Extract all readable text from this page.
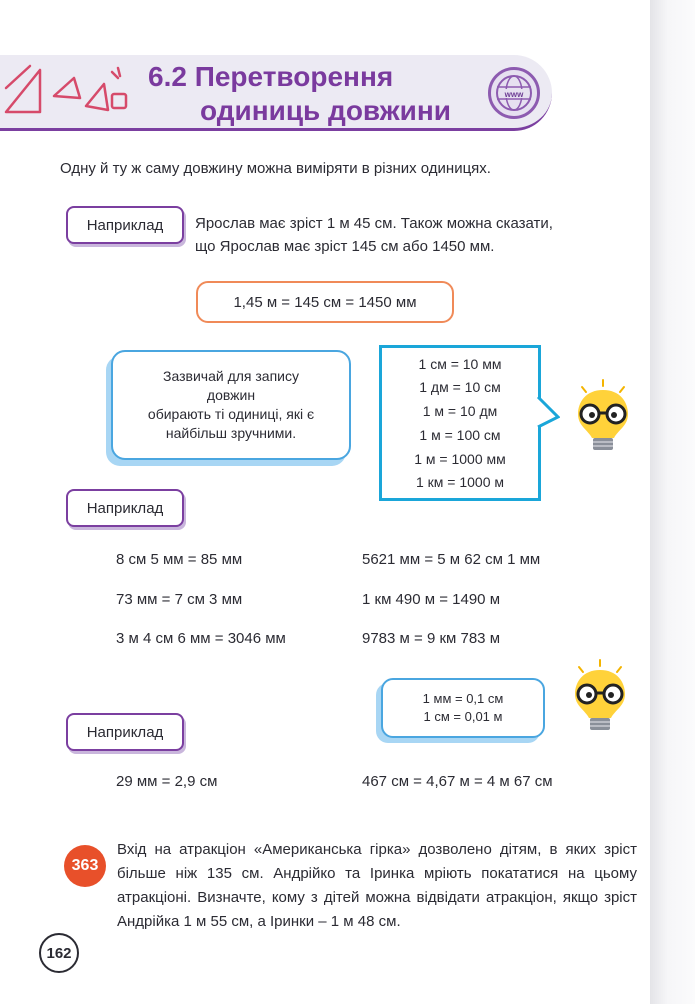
6.2 Перетворення
одиниць довжини
www
Одну й ту ж саму довжину можна виміряти в різних одиницях.
Наприклад	Ярослав має зріст 1 м 45 см. Також можна сказати,
що Ярослав має зріст 145 см або 1450 мм.
1,45 м = 145 см = 1450 мм
Зазвичай для запису
довжин
обирають ті одиниці, які є
найбільш зручними.
1 см = 10 мм
1 дм = 10 см
1 м = 10 дм
1 м = 100 см
1 м = 1000 мм
1 км = 1000 м
Наприклад
8 см 5 мм = 85 мм
73 мм = 7 см 3 мм
3 м 4 см 6 мм = 3046 мм
5621 мм = 5 м 62 см 1 мм
1 км 490 м = 1490 м
9783 м = 9 км 783 м
1 мм = 0,1 см
1 см = 0,01 м
Наприклад
29 мм = 2,9 см	467 см = 4,67 м = 4 м 67 см
363
Вхід на атракціон «Американська гірка» дозволено дітям, в яких зріст більше ніж 135 см. Андрійко та Іринка мріють покататися на цьому атракціоні. Визначте, кому з дітей можна відвідати атракціон, якщо зріст Андрійка 1 м 55 см, а Іринки – 1 м 48 см.
162
